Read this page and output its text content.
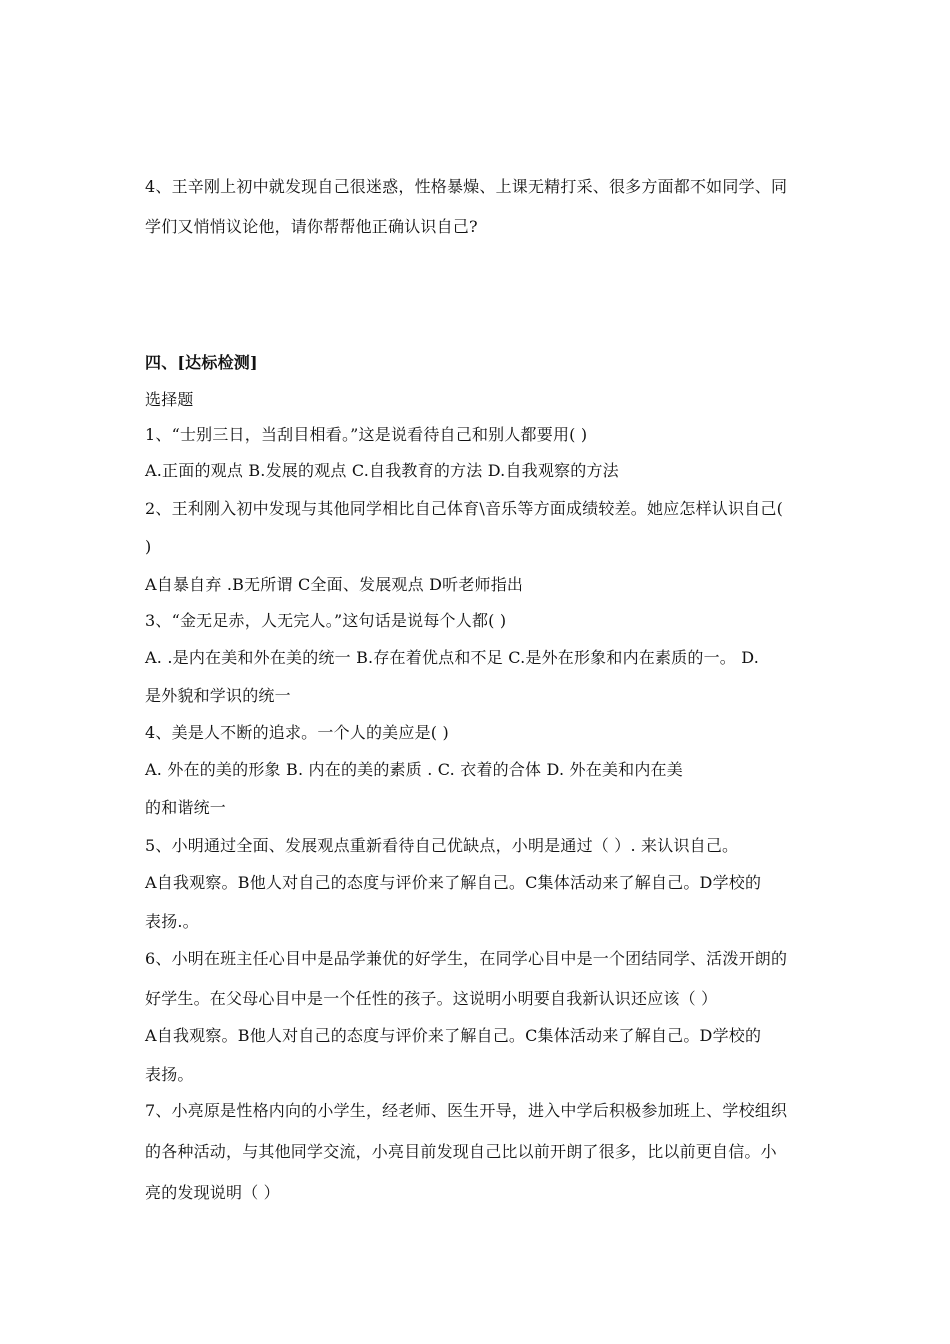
4、王辛刚上初中就发现自己很迷惑，性格暴燥、上课无精打采、很多方面都不如同学、同
学们又悄悄议论他，请你帮帮他正确认识自己?
四、[达标检测]
选择题
1、“士别三日，当刮目相看。”这是说看待自己和别人都要用( )
A.正面的观点 B.发展的观点 C.自我教育的方法 D.自我观察的方法
2、王利刚入初中发现与其他同学相比自己体育\音乐等方面成绩较差。她应怎样认识自己(
)
A自暴自弃 .B无所谓 C全面、发展观点 D听老师指出
3、“金无足赤，人无完人。”这句话是说每个人都( )
A. .是内在美和外在美的统一 B.存在着优点和不足 C.是外在形象和内在素质的一。 D.
是外貌和学识的统一
4、美是人不断的追求。一个人的美应是( )
A. 外在的美的形象 B. 内在的美的素质 . C. 衣着的合体 D. 外在美和内在美
的和谐统一
5、小明通过全面、发展观点重新看待自己优缺点，小明是通过（ ）. 来认识自己。
A自我观察。B他人对自己的态度与评价来了解自己。C集体活动来了解自己。D学校的
表扬.。
6、小明在班主任心目中是品学兼优的好学生，在同学心目中是一个团结同学、活泼开朗的
好学生。在父母心目中是一个任性的孩子。这说明小明要自我新认识还应该（ ）
A自我观察。B他人对自己的态度与评价来了解自己。C集体活动来了解自己。D学校的
表扬。
7、小亮原是性格内向的小学生，经老师、医生开导，进入中学后积极参加班上、学校组织
的各种活动，与其他同学交流，小亮目前发现自己比以前开朗了很多，比以前更自信。小
亮的发现说明（ ）
